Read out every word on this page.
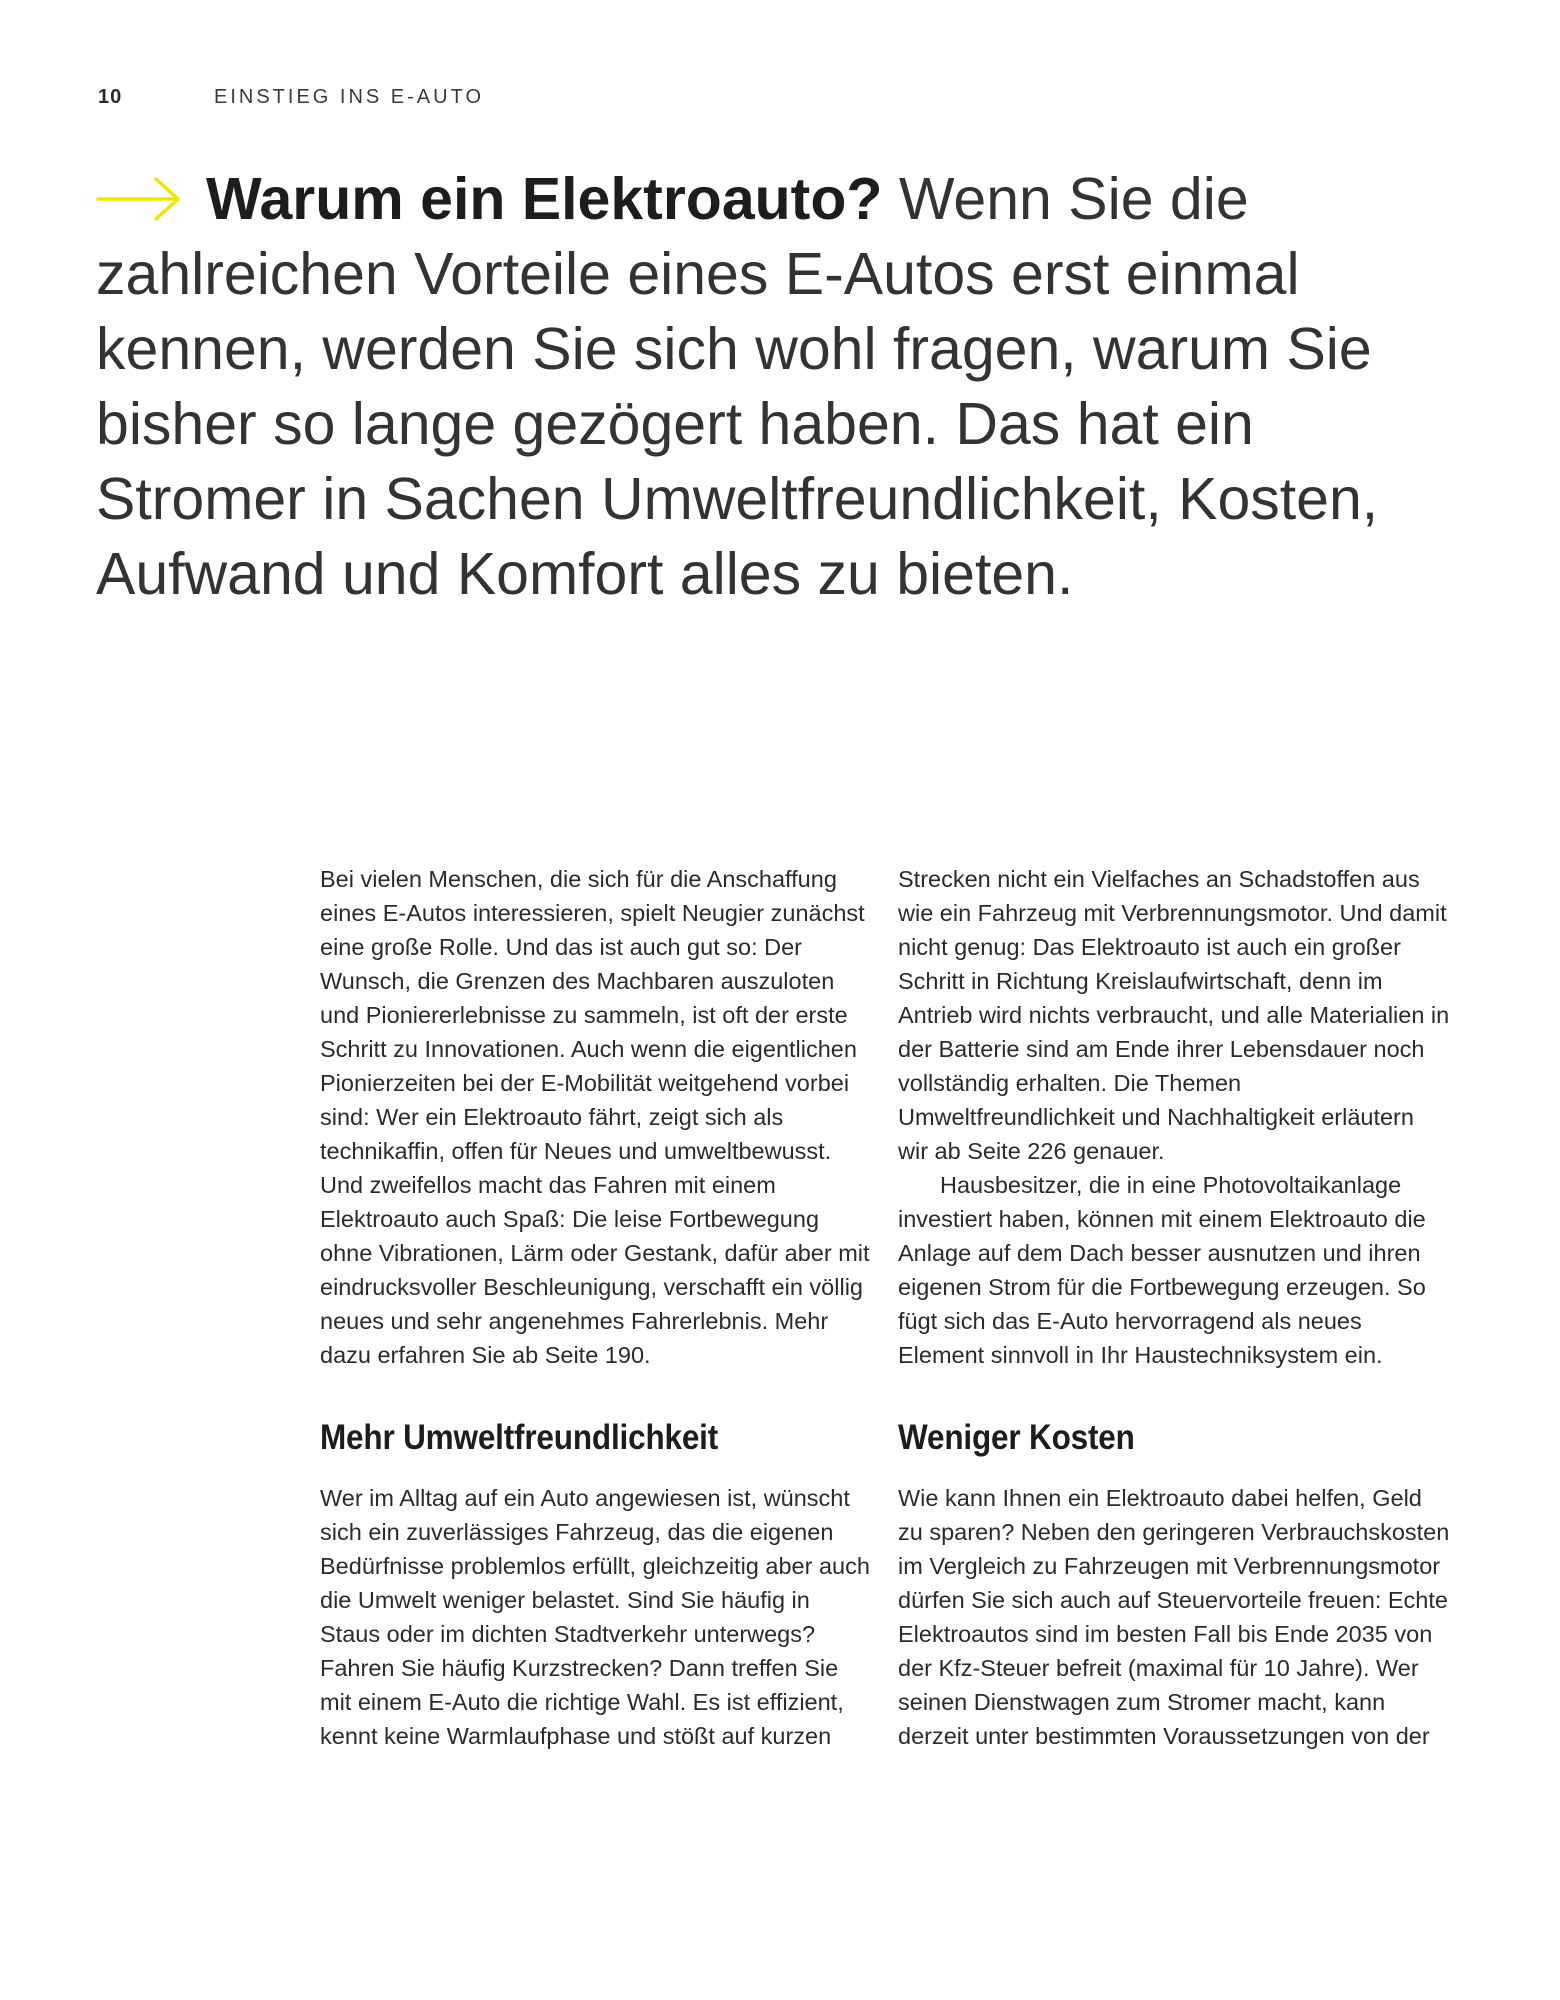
10	EINSTIEG INS E-AUTO
Warum ein Elektroauto? Wenn Sie die zahlreichen Vorteile eines E-Autos erst einmal kennen, werden Sie sich wohl fragen, warum Sie bisher so lange gezögert haben. Das hat ein Stromer in Sachen Umweltfreundlichkeit, Kosten, Aufwand und Komfort alles zu bieten.

Bei vielen Menschen, die sich für die Anschaffung eines E-Autos interessieren, spielt Neugier zunächst eine große Rolle. Und das ist auch gut so: Der Wunsch, die Grenzen des Machbaren auszuloten und Pioniererlebnisse zu sammeln, ist oft der erste Schritt zu Innovationen. Auch wenn die eigentlichen Pionierzeiten bei der E-Mobilität weitgehend vorbei sind: Wer ein Elektroauto fährt, zeigt sich als technikaffin, offen für Neues und umweltbewusst. Und zweifellos macht das Fahren mit einem Elektroauto auch Spaß: Die leise Fortbewegung ohne Vibrationen, Lärm oder Gestank, dafür aber mit eindrucksvoller Beschleunigung, verschafft ein völlig neues und sehr angenehmes Fahrerlebnis. Mehr dazu erfahren Sie ab Seite 190.

Mehr Umweltfreundlichkeit

Wer im Alltag auf ein Auto angewiesen ist, wünscht sich ein zuverlässiges Fahrzeug, das die eigenen Bedürfnisse problemlos erfüllt, gleichzeitig aber auch die Umwelt weniger belastet. Sind Sie häufig in Staus oder im dichten Stadtverkehr unterwegs? Fahren Sie häufig Kurzstrecken? Dann treffen Sie mit einem E-Auto die richtige Wahl. Es ist effizient, kennt keine Warmlaufphase und stößt auf kurzen

Strecken nicht ein Vielfaches an Schadstoffen aus wie ein Fahrzeug mit Verbrennungsmotor. Und damit nicht genug: Das Elektroauto ist auch ein großer Schritt in Richtung Kreislaufwirtschaft, denn im Antrieb wird nichts verbraucht, und alle Materialien in der Batterie sind am Ende ihrer Lebensdauer noch vollständig erhalten. Die Themen Umweltfreundlichkeit und Nachhaltigkeit erläutern wir ab Seite 226 genauer.

Hausbesitzer, die in eine Photovoltaikanlage investiert haben, können mit einem Elektroauto die Anlage auf dem Dach besser ausnutzen und ihren eigenen Strom für die Fortbewegung erzeugen. So fügt sich das E-Auto hervorragend als neues Element sinnvoll in Ihr Haustechniksystem ein.

Weniger Kosten

Wie kann Ihnen ein Elektroauto dabei helfen, Geld zu sparen? Neben den geringeren Verbrauchskosten im Vergleich zu Fahrzeugen mit Verbrennungsmotor dürfen Sie sich auch auf Steuervorteile freuen: Echte Elektroautos sind im besten Fall bis Ende 2035 von der Kfz-Steuer befreit (maximal für 10 Jahre). Wer seinen Dienstwagen zum Stromer macht, kann derzeit unter bestimmten Voraussetzungen von der
